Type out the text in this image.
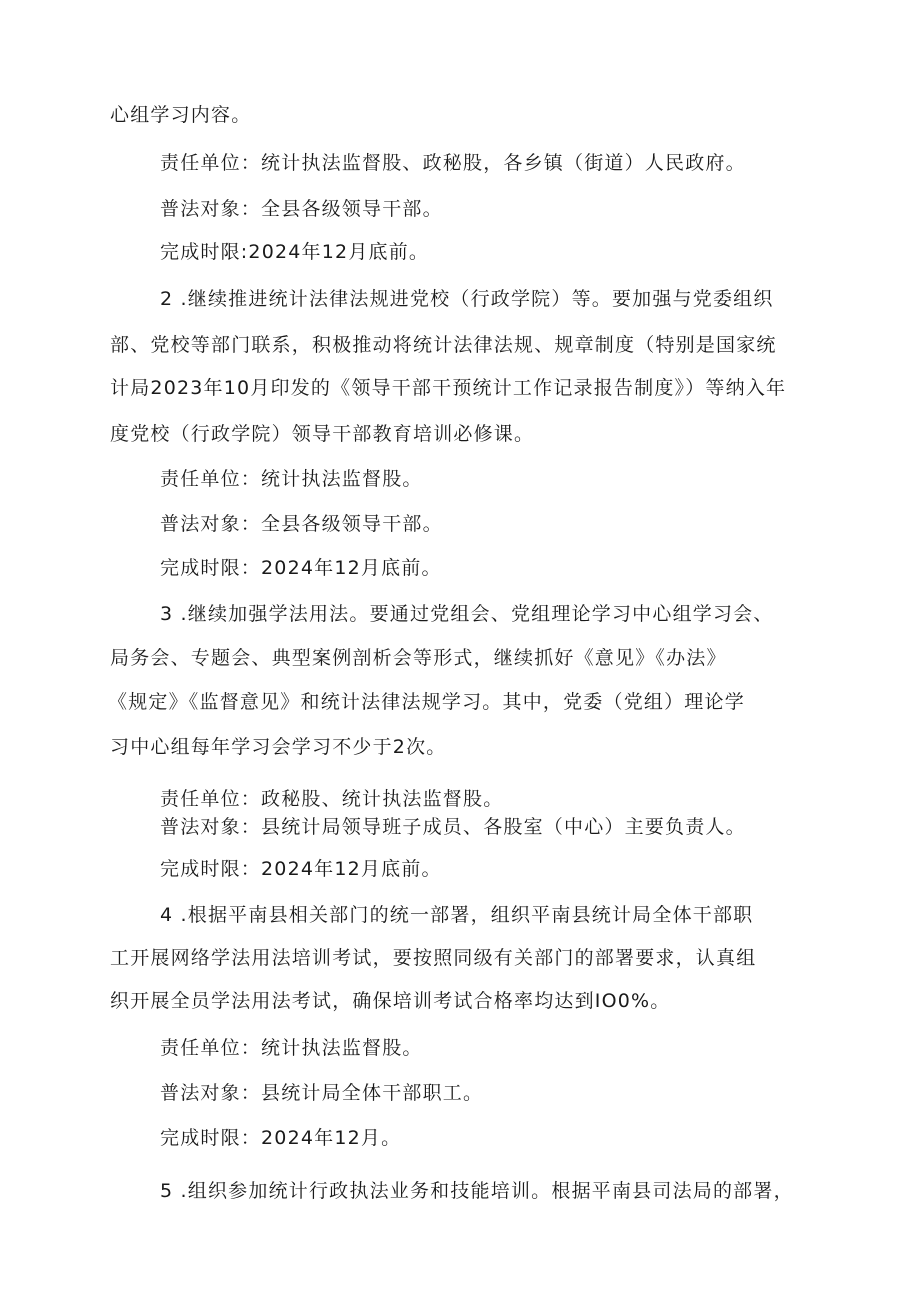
心组学习内容。
责任单位：统计执法监督股、政秘股，各乡镇（街道）人民政府。
普法对象：全县各级领导干部。
完成时限:2024年12月底前。
2 .继续推进统计法律法规进党校（行政学院）等。要加强与党委组织
部、党校等部门联系，积极推动将统计法律法规、规章制度（特别是国家统
计局2023年10月印发的《领导干部干预统计工作记录报告制度》）等纳入年
度党校（行政学院）领导干部教育培训必修课。
责任单位：统计执法监督股。
普法对象：全县各级领导干部。
完成时限：2024年12月底前。
3 .继续加强学法用法。要通过党组会、党组理论学习中心组学习会、
局务会、专题会、典型案例剖析会等形式，继续抓好《意见》《办法》
《规定》《监督意见》和统计法律法规学习。其中，党委（党组）理论学
习中心组每年学习会学习不少于2次。
责任单位：政秘股、统计执法监督股。
普法对象：县统计局领导班子成员、各股室（中心）主要负责人。
完成时限：2024年12月底前。
4 .根据平南县相关部门的统一部署，组织平南县统计局全体干部职
工开展网络学法用法培训考试，要按照同级有关部门的部署要求，认真组
织开展全员学法用法考试，确保培训考试合格率均达到IO0%。
责任单位：统计执法监督股。
普法对象：县统计局全体干部职工。
完成时限：2024年12月。
5 .组织参加统计行政执法业务和技能培训。根据平南县司法局的部署，
